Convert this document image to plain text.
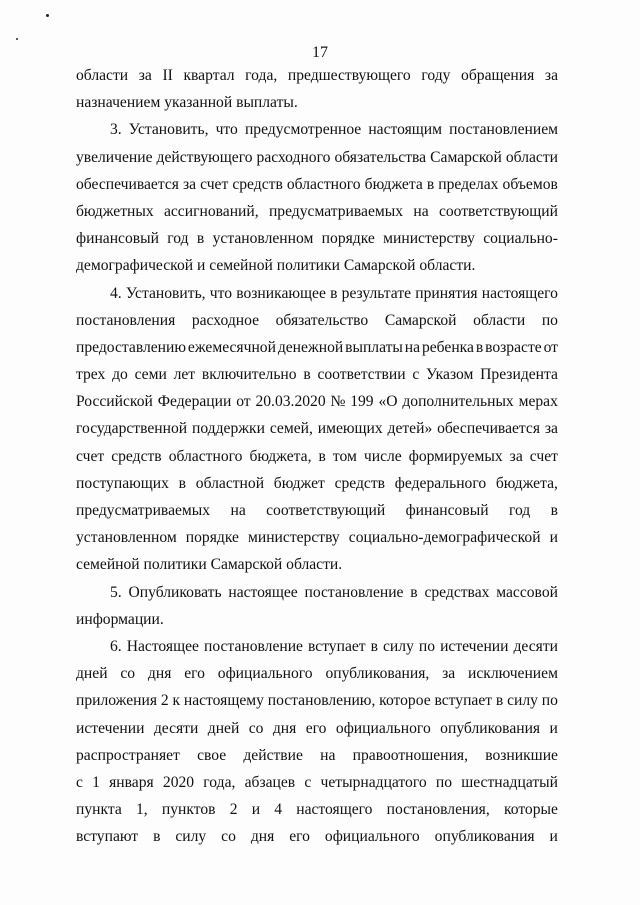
17
области за II квартал года, предшествующего году обращения за
назначением указанной выплаты.
3. Установить, что предусмотренное настоящим постановлением
увеличение действующего расходного обязательства Самарской области
обеспечивается за счет средств областного бюджета в пределах объемов
бюджетных ассигнований, предусматриваемых на соответствующий
финансовый год в установленном порядке министерству социально-
демографической и семейной политики Самарской области.
4. Установить, что возникающее в результате принятия настоящего
постановления расходное обязательство Самарской области по
предоставлению ежемесячной денежной выплаты на ребенка в возрасте от
трех до семи лет включительно в соответствии с Указом Президента
Российской Федерации от 20.03.2020 № 199 «О дополнительных мерах
государственной поддержки семей, имеющих детей» обеспечивается за
счет средств областного бюджета, в том числе формируемых за счет
поступающих в областной бюджет средств федерального бюджета,
предусматриваемых на соответствующий финансовый год в
установленном порядке министерству социально-демографической и
семейной политики Самарской области.
5. Опубликовать настоящее постановление в средствах массовой
информации.
6. Настоящее постановление вступает в силу по истечении десяти
дней со дня его официального опубликования, за исключением
приложения 2 к настоящему постановлению, которое вступает в силу по
истечении десяти дней со дня его официального опубликования и
распространяет свое действие на правоотношения, возникшие
с 1 января 2020 года, абзацев с четырнадцатого по шестнадцатый
пункта 1, пунктов 2 и 4 настоящего постановления, которые
вступают в силу со дня его официального опубликования и
